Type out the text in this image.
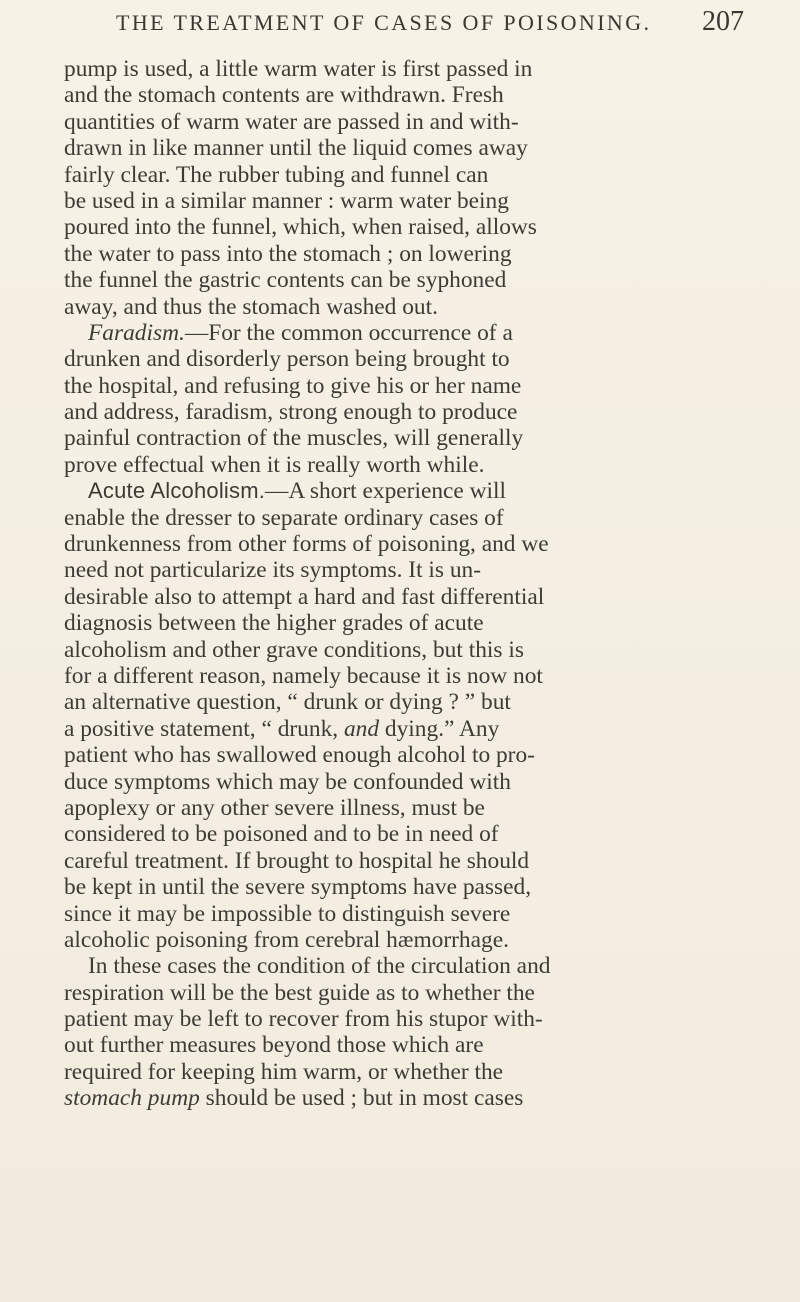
THE TREATMENT OF CASES OF POISONING. 207
pump is used, a little warm water is first passed in
and the stomach contents are withdrawn. Fresh
quantities of warm water are passed in and with-
drawn in like manner until the liquid comes away
fairly clear. The rubber tubing and funnel can
be used in a similar manner : warm water being
poured into the funnel, which, when raised, allows
the water to pass into the stomach ; on lowering
the funnel the gastric contents can be syphoned
away, and thus the stomach washed out.
Faradism.—For the common occurrence of a
drunken and disorderly person being brought to
the hospital, and refusing to give his or her name
and address, faradism, strong enough to produce
painful contraction of the muscles, will generally
prove effectual when it is really worth while.
Acute Alcoholism.—A short experience will
enable the dresser to separate ordinary cases of
drunkenness from other forms of poisoning, and we
need not particularize its symptoms. It is un-
desirable also to attempt a hard and fast differential
diagnosis between the higher grades of acute
alcoholism and other grave conditions, but this is
for a different reason, namely because it is now not
an alternative question, “ drunk or dying ? ” but
a positive statement, “ drunk, and dying.” Any
patient who has swallowed enough alcohol to pro-
duce symptoms which may be confounded with
apoplexy or any other severe illness, must be
considered to be poisoned and to be in need of
careful treatment. If brought to hospital he should
be kept in until the severe symptoms have passed,
since it may be impossible to distinguish severe
alcoholic poisoning from cerebral hæmorrhage.
In these cases the condition of the circulation and
respiration will be the best guide as to whether the
patient may be left to recover from his stupor with-
out further measures beyond those which are
required for keeping him warm, or whether the
stomach pump should be used ; but in most cases
